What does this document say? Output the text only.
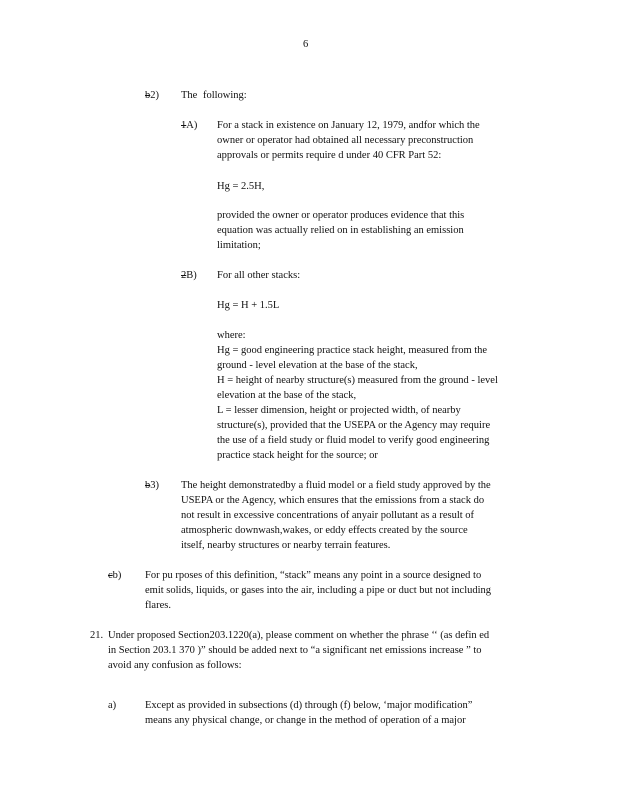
6
b2) The following:
1A) For a stack in existence on January 12, 1979, andfor which the
owner or operator had obtained all necessary preconstruction
approvals or permits require d under 40 CFR Part 52:
Hg = 2.5H,
provided the owner or operator produces evidence that this
equation was actually relied on in establishing an emission
limitation;
2B) For all other stacks:
Hg = H + 1.5L
where:
Hg = good engineering practice stack height, measured from the
ground - level elevation at the base of the stack,
H = height of nearby structure(s) measured from the ground - level
elevation at the base of the stack,
L = lesser dimension, height or projected width, of nearby
structure(s), provided that the USEPA or the Agency may require
the use of a field study or fluid model to verify good engineering
practice stack height for the source; or
b3) The height demonstratedby a fluid model or a field study approved by the
USEPA or the Agency, which ensures that the emissions from a stack do
not result in excessive concentrations of anyair pollutant as a result of
atmospheric downwash,wakes, or eddy effects created by the source
itself, nearby structures or nearby terrain features.
cb) For pu rposes of this definition, “stack” means any point in a source designed to
emit solids, liquids, or gases into the air, including a pipe or duct but not including
flares.
21. Under proposed Section203.1220(a), please comment on whether the phrase ‘‘ (as defin ed
in Section 203.1 370 )” should be added next to “a significant net emissions increase ” to
avoid any confusion as follows:
a)	Except as provided in subsections (d) through (f) below, ‘major modification”
means any physical change, or change in the method of operation of a major
